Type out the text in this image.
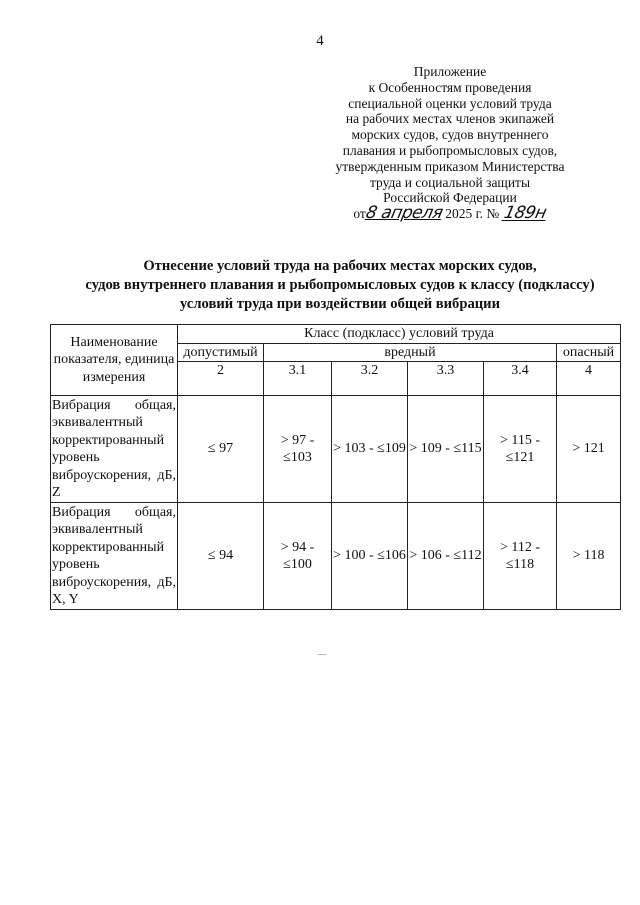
4
Приложение
к Особенностям проведения
специальной оценки условий труда
на рабочих местах членов экипажей
морских судов, судов внутреннего
плавания и рыбопромысловых судов,
утвержденным приказом Министерства
труда и социальной защиты
Российской Федерации
от8 апреля 2025 г. № 189н
Отнесение условий труда на рабочих местах морских судов,
судов внутреннего плавания и рыбопромысловых судов к классу (подклассу)
условий труда при воздействии общей вибрации
Наименование показателя, единица измерения	Класс (подкласс) условий труда					
	допустимый	вредный				опасный
	2	3.1	3.2	3.3	3.4	4
Вибрация общая, эквивалентный корректированный уровень виброускорения, дБ, Z	≤ 97	> 97 - ≤103	> 103 - ≤109	> 109 - ≤115	> 115 - ≤121	> 121
Вибрация общая, эквивалентный корректированный уровень виброускорения, дБ, X, Y	≤ 94	> 94 - ≤100	> 100 - ≤106	> 106 - ≤112	> 112 - ≤118	> 118
